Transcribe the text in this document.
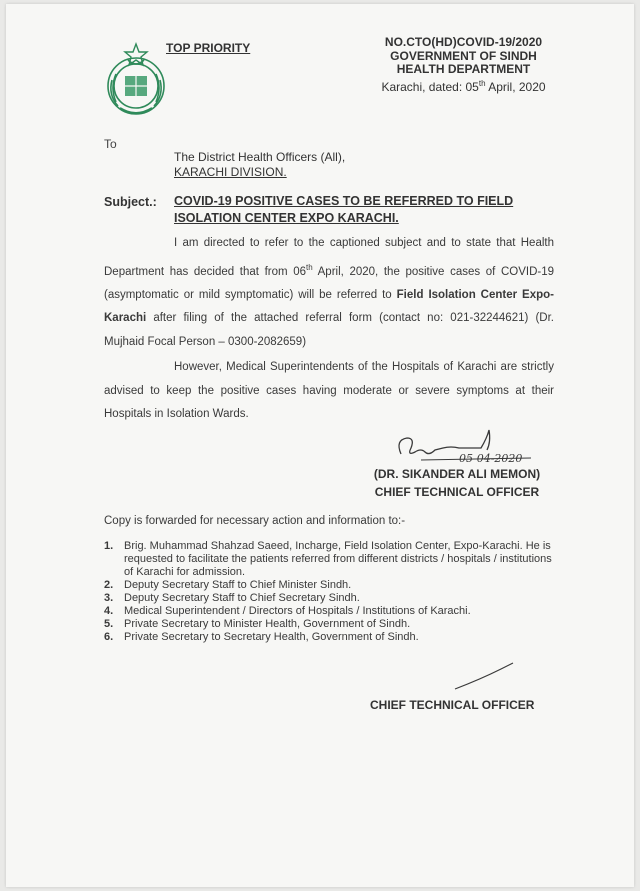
TOP PRIORITY	NO.CTO(HD)COVID-19/2020
GOVERNMENT OF SINDH
HEALTH DEPARTMENT
Karachi, dated: 05th April, 2020
To
The District Health Officers (All),
KARACHI DIVISION.
Subject.: COVID-19 POSITIVE CASES TO BE REFERRED TO FIELD ISOLATION CENTER EXPO KARACHI.
I am directed to refer to the captioned subject and to state that Health Department has decided that from 06th April, 2020, the positive cases of COVID-19 (asymptomatic or mild symptomatic) will be referred to Field Isolation Center Expo-Karachi after filing of the attached referral form (contact no: 021-32244621) (Dr. Mujhaid Focal Person – 0300-2082659)
However, Medical Superintendents of the Hospitals of Karachi are strictly advised to keep the positive cases having moderate or severe symptoms at their Hospitals in Isolation Wards.
05-04-2020
(DR. SIKANDER ALI MEMON)
CHIEF TECHNICAL OFFICER
Copy is forwarded for necessary action and information to:-
1. Brig. Muhammad Shahzad Saeed, Incharge, Field Isolation Center, Expo-Karachi. He is requested to facilitate the patients referred from different districts / hospitals / institutions of Karachi for admission.
2. Deputy Secretary Staff to Chief Minister Sindh.
3. Deputy Secretary Staff to Chief Secretary Sindh.
4. Medical Superintendent / Directors of Hospitals / Institutions of Karachi.
5. Private Secretary to Minister Health, Government of Sindh.
6. Private Secretary to Secretary Health, Government of Sindh.
CHIEF TECHNICAL OFFICER
